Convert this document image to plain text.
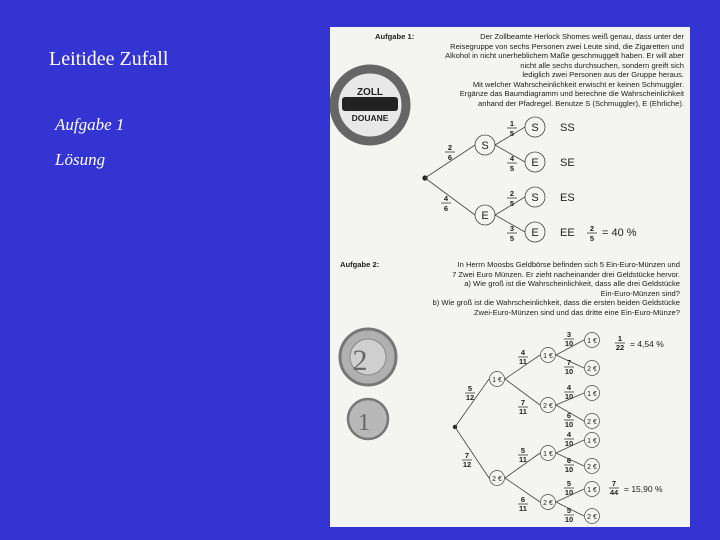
Leitidee Zufall
Aufgabe 1
Lösung
ZOLL
DOUANE
2
6
S
4
6
E
1
5 S SS
4
5 E SE
2
5 S ES
3
5 E EE 2
5 = 40 %
2
1
5
12
1 €
7
12
2 €
4
11
1 €
7
11
2 €
5
11
1 €
6
11
2 €
3
10 1 €
7
10 2 €
4
10 1 €
6
10 2 €
4
10 1 €
6
10 2 €
5
10 1 €
5
10 2 €
1
22 = 4,54 %
7
44 = 15,90 %
Aufgabe 1:	Der Zollbeamte Herlock Shomes weiß genau, dass unter der
Reisegruppe von sechs Personen zwei Leute sind, die Zigaretten und
Alkohol in nicht unerheblichem Maße geschmuggelt haben. Er will aber
nicht alle sechs durchsuchen, sondern greift sich
lediglich zwei Personen aus der Gruppe heraus.
Mit welcher Wahrscheinlichkeit erwischt er keinen Schmuggler.
Ergänze das Baumdiagramm und berechne die Wahrscheinlichkeit
anhand der Pfadregel. Benutze S (Schmuggler), E (Ehrliche).
Aufgabe 2:	In Herrn Moosbs Geldbörse befinden sich 5 Ein-Euro-Münzen und
7 Zwei Euro Münzen. Er zieht nacheinander drei Geldstücke hervor.
a) Wie groß ist die Wahrscheinlichkeit, dass alle drei Geldstücke
Ein-Euro-Münzen sind?
b) Wie groß ist die Wahrscheinlichkeit, dass die ersten beiden Geldstücke
Zwei-Euro-Münzen sind und das dritte eine Ein-Euro-Münze?
